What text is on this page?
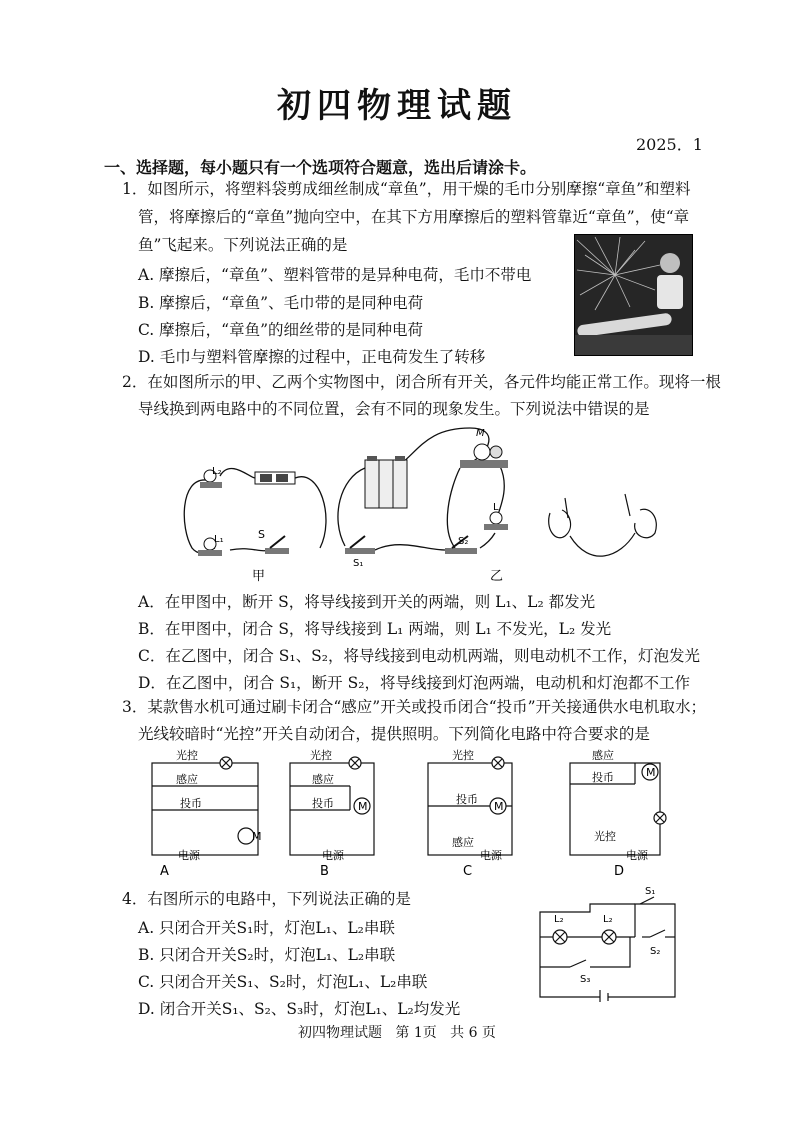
初四物理试题
2025．1
一、选择题，每小题只有一个选项符合题意，选出后请涂卡。
1．如图所示，将塑料袋剪成细丝制成“章鱼”，用干燥的毛巾分别摩擦“章鱼”和塑料
管，将摩擦后的“章鱼”抛向空中，在其下方用摩擦后的塑料管靠近“章鱼”，使“章
鱼”飞起来。下列说法正确的是
A. 摩擦后，“章鱼”、塑料管带的是异种电荷，毛巾不带电
B. 摩擦后，“章鱼”、毛巾带的是同种电荷
C. 摩擦后，“章鱼”的细丝带的是同种电荷
D. 毛巾与塑料管摩擦的过程中，正电荷发生了转移
2．在如图所示的甲、乙两个实物图中，闭合所有开关，各元件均能正常工作。现将一根
导线换到两电路中的不同位置，会有不同的现象发生。下列说法中错误的是
L₂
L₁	S
甲
M
L
S₁
S₂
乙
A．在甲图中，断开 S，将导线接到开关的两端，则 L₁、L₂ 都发光
B．在甲图中，闭合 S，将导线接到 L₁ 两端，则 L₁ 不发光，L₂ 发光
C．在乙图中，闭合 S₁、S₂，将导线接到电动机两端，则电动机不工作，灯泡发光
D．在乙图中，闭合 S₁，断开 S₂，将导线接到灯泡两端，电动机和灯泡都不工作
3．某款售水机可通过刷卡闭合“感应”开关或投币闭合“投币”开关接通供水电机取水；
光线较暗时“光控”开关自动闭合，提供照明。下列简化电路中符合要求的是
M
M	M
M
光控
感应
投币
电源
光控
感应
投币
电源
光控
投币
感应
电源
感应
投币
光控
电源
A	B	C	D
4．右图所示的电路中，下列说法正确的是
A. 只闭合开关S₁时，灯泡L₁、L₂串联
B. 只闭合开关S₂时，灯泡L₁、L₂串联
C. 只闭合开关S₁、S₂时，灯泡L₁、L₂串联
D. 闭合开关S₁、S₂、S₃时，灯泡L₁、L₂均发光
L₂	L₂
S₁
S₂
S₃
初四物理试题 第 1页 共 6 页
